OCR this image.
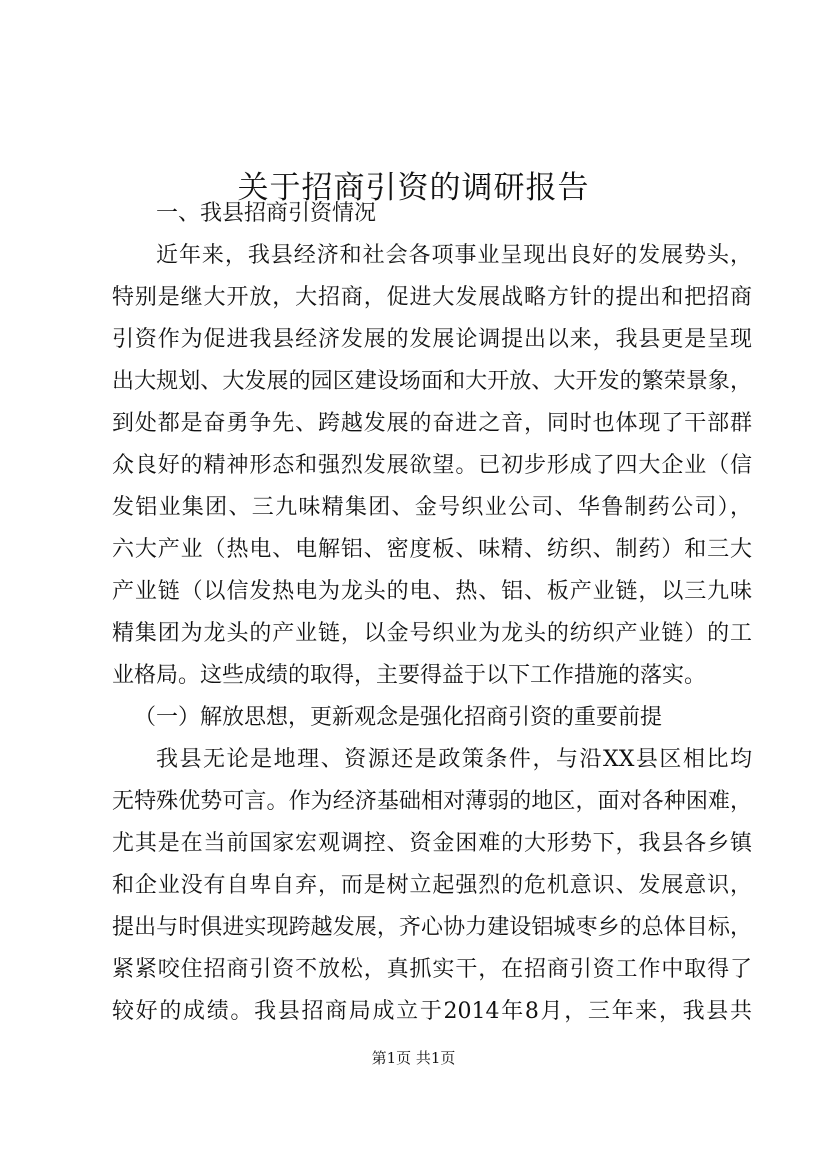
关于招商引资的调研报告
一、我县招商引资情况
近年来，我县经济和社会各项事业呈现出良好的发展势头，
特别是继大开放，大招商，促进大发展战略方针的提出和把招商
引资作为促进我县经济发展的发展论调提出以来，我县更是呈现
出大规划、大发展的园区建设场面和大开放、大开发的繁荣景象，
到处都是奋勇争先、跨越发展的奋进之音，同时也体现了干部群
众良好的精神形态和强烈发展欲望。已初步形成了四大企业（信
发铝业集团、三九味精集团、金号织业公司、华鲁制药公司），
六大产业（热电、电解铝、密度板、味精、纺织、制药）和三大
产业链（以信发热电为龙头的电、热、铝、板产业链，以三九味
精集团为龙头的产业链，以金号织业为龙头的纺织产业链）的工
业格局。这些成绩的取得，主要得益于以下工作措施的落实。
（一）解放思想，更新观念是强化招商引资的重要前提
我县无论是地理、资源还是政策条件，与沿XX县区相比均
无特殊优势可言。作为经济基础相对薄弱的地区，面对各种困难，
尤其是在当前国家宏观调控、资金困难的大形势下，我县各乡镇
和企业没有自卑自弃，而是树立起强烈的危机意识、发展意识，
提出与时俱进实现跨越发展，齐心协力建设铝城枣乡的总体目标，
紧紧咬住招商引资不放松，真抓实干，在招商引资工作中取得了
较好的成绩。我县招商局成立于2014年8月，三年来，我县共
第1页 共1页
